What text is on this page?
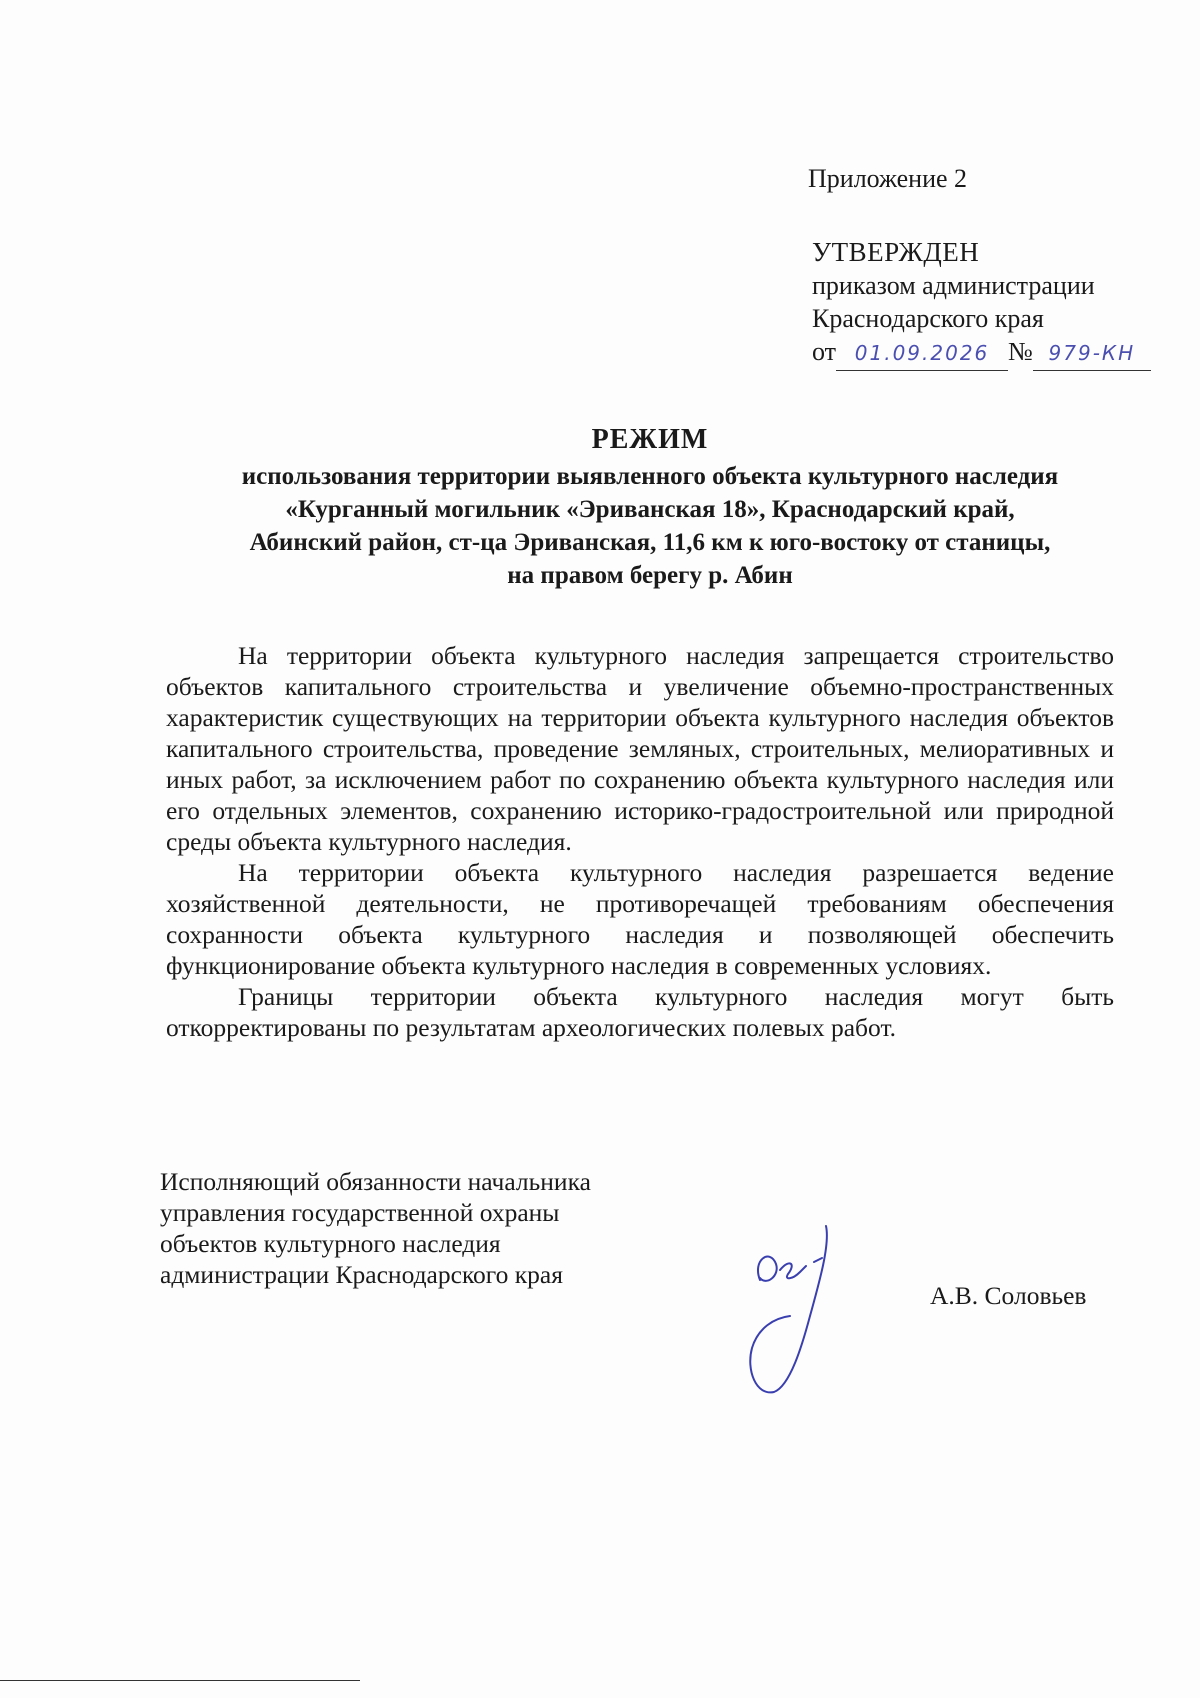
Приложение 2
УТВЕРЖДЕН
приказом администрации
Краснодарского края
от 01.09.2026 № 979-КН
РЕЖИМ
использования территории выявленного объекта культурного наследия
«Курганный могильник «Эриванская 18», Краснодарский край,
Абинский район, ст-ца Эриванская, 11,6 км к юго-востоку от станицы,
на правом берегу р. Абин

На территории объекта культурного наследия запрещается строительство объектов капитального строительства и увеличение объемно-пространственных характеристик существующих на территории объекта культурного наследия объектов капитального строительства, проведение земляных, строительных, мелиоративных и иных работ, за исключением работ по сохранению объекта культурного наследия или его отдельных элементов, сохранению историко-градостроительной или природной среды объекта культурного наследия.

На территории объекта культурного наследия разрешается ведение хозяйственной деятельности, не противоречащей требованиям обеспечения сохранности объекта культурного наследия и позволяющей обеспечить функционирование объекта культурного наследия в современных условиях.

Границы территории объекта культурного наследия могут быть откорректированы по результатам археологических полевых работ.

Исполняющий обязанности начальника
управления государственной охраны
объектов культурного наследия
администрации Краснодарского края
А.В. Соловьев
